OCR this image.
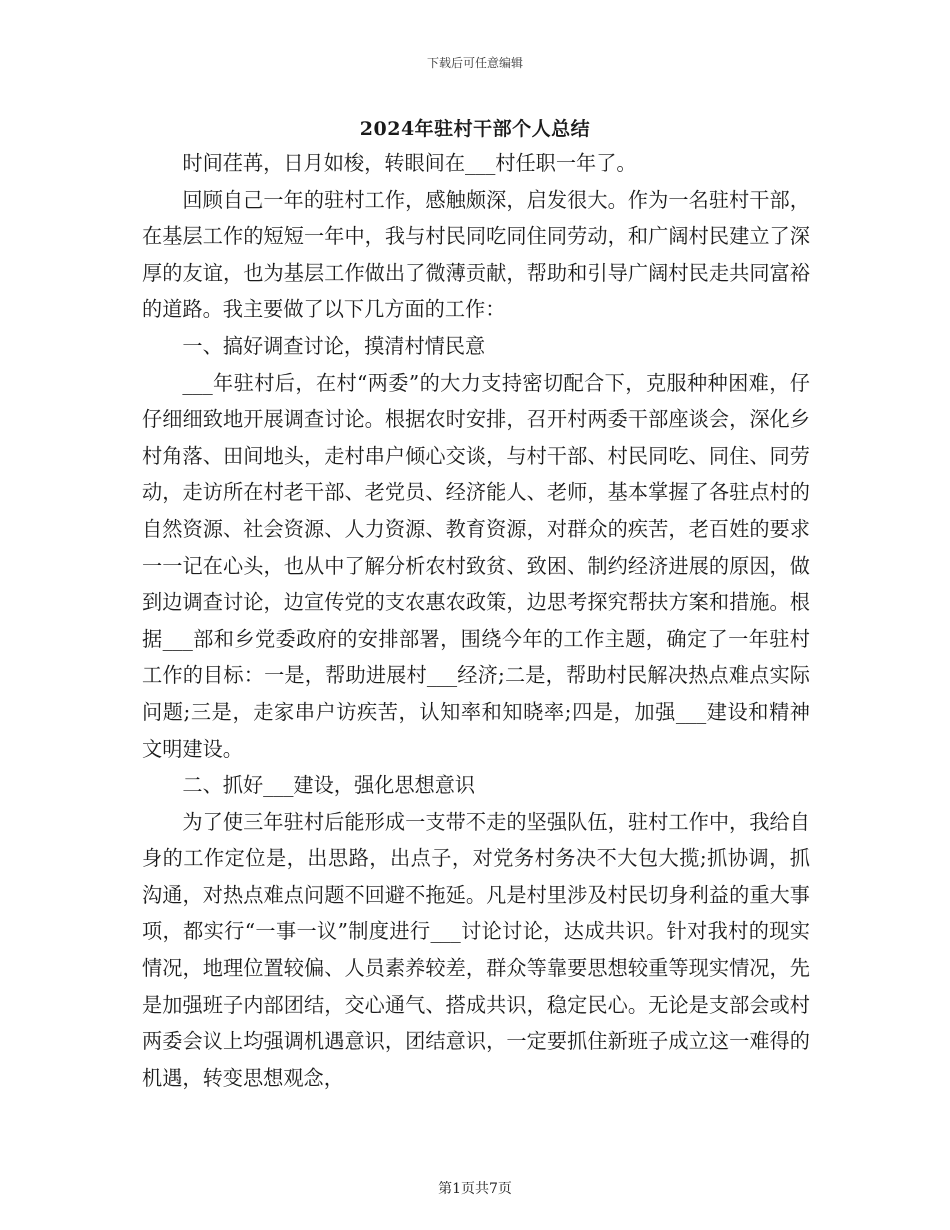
下载后可任意编辑
2024年驻村干部个人总结

时间荏苒，日月如梭，转眼间在___村任职一年了。

回顾自己一年的驻村工作，感触颇深，启发很大。作为一名驻村干部，在基层工作的短短一年中，我与村民同吃同住同劳动，和广阔村民建立了深厚的友谊，也为基层工作做出了微薄贡献，帮助和引导广阔村民走共同富裕的道路。我主要做了以下几方面的工作：

一、搞好调查讨论，摸清村情民意

___年驻村后，在村“两委”的大力支持密切配合下，克服种种困难，仔仔细细致地开展调查讨论。根据农时安排，召开村两委干部座谈会，深化乡村角落、田间地头，走村串户倾心交谈，与村干部、村民同吃、同住、同劳动，走访所在村老干部、老党员、经济能人、老师，基本掌握了各驻点村的自然资源、社会资源、人力资源、教育资源，对群众的疾苦，老百姓的要求一一记在心头，也从中了解分析农村致贫、致困、制约经济进展的原因，做到边调查讨论，边宣传党的支农惠农政策，边思考探究帮扶方案和措施。根据___部和乡党委政府的安排部署，围绕今年的工作主题，确定了一年驻村工作的目标：一是，帮助进展村___经济;二是，帮助村民解决热点难点实际问题;三是，走家串户访疾苦，认知率和知晓率;四是，加强___建设和精神文明建设。

二、抓好___建设，强化思想意识

为了使三年驻村后能形成一支带不走的坚强队伍，驻村工作中，我给自身的工作定位是，出思路，出点子，对党务村务决不大包大揽;抓协调，抓沟通，对热点难点问题不回避不拖延。凡是村里涉及村民切身利益的重大事项，都实行“一事一议”制度进行___讨论讨论，达成共识。针对我村的现实情况，地理位置较偏、人员素养较差，群众等靠要思想较重等现实情况，先是加强班子内部团结，交心通气、搭成共识，稳定民心。无论是支部会或村两委会议上均强调机遇意识，团结意识，一定要抓住新班子成立这一难得的机遇，转变思想观念，

第1页共7页
